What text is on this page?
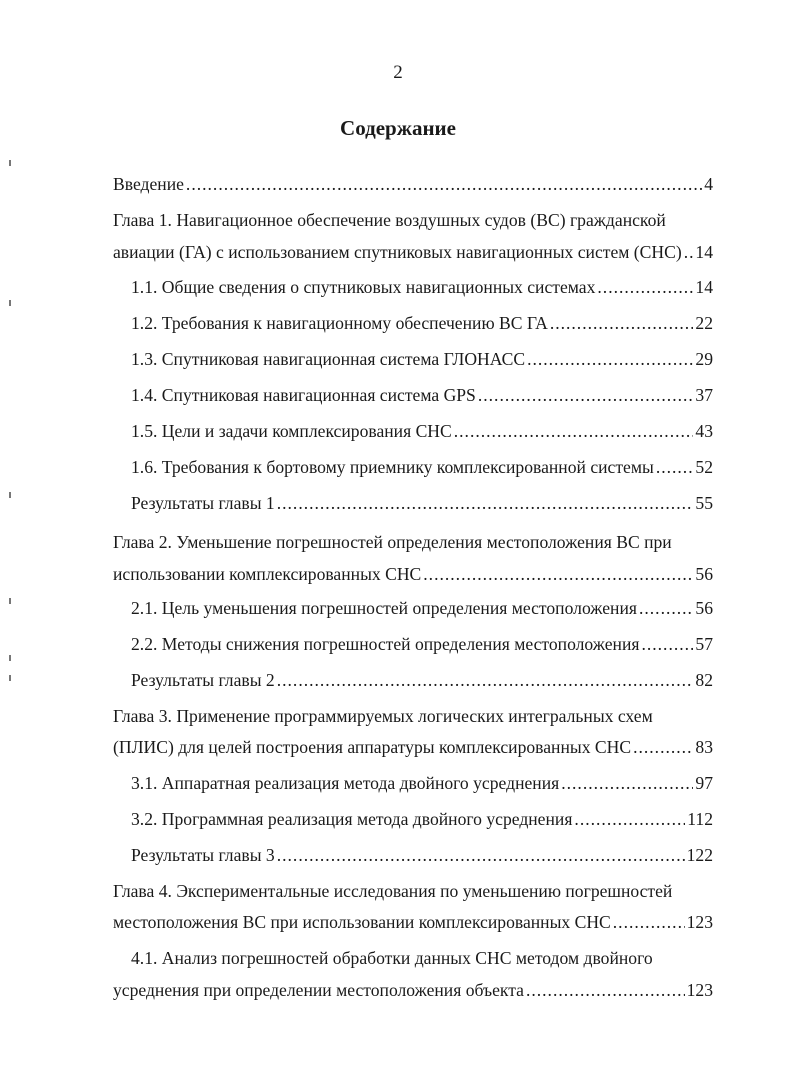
2
Содержание
Введение .....	4
Глава 1. Навигационное обеспечение воздушных судов (ВС) гражданской
авиации (ГА) с использованием спутниковых навигационных систем (СНС) ..... 14
1.1. Общие сведения о спутниковых навигационных системах .....	14
1.2. Требования к навигационному обеспечению ВС ГА .....	22
1.3. Спутниковая навигационная система ГЛОНАСС .....	29
1.4. Спутниковая навигационная система GPS .....	37
1.5. Цели и задачи комплексирования СНС .....	43
1.6. Требования к бортовому приемнику комплексированной системы ..... 52
Результаты главы 1 .....	55
Глава 2. Уменьшение погрешностей определения местоположения ВС при
использовании комплексированных СНС .....	56
2.1. Цель уменьшения погрешностей определения местоположения .....	56
2.2. Методы снижения погрешностей определения местоположения .....	57
Результаты главы 2 .....	82
Глава 3. Применение программируемых логических интегральных схем
(ПЛИС) для целей построения аппаратуры комплексированных СНС .....	83
3.1. Аппаратная реализация метода двойного усреднения .....	97
3.2. Программная реализация метода двойного усреднения .....	112
Результаты главы 3 .....	122
Глава 4. Экспериментальные исследования по уменьшению погрешностей
местоположения ВС при использовании комплексированных СНС .....	123
4.1. Анализ погрешностей обработки данных СНС методом двойного
усреднения при определении местоположения объекта .....	123
